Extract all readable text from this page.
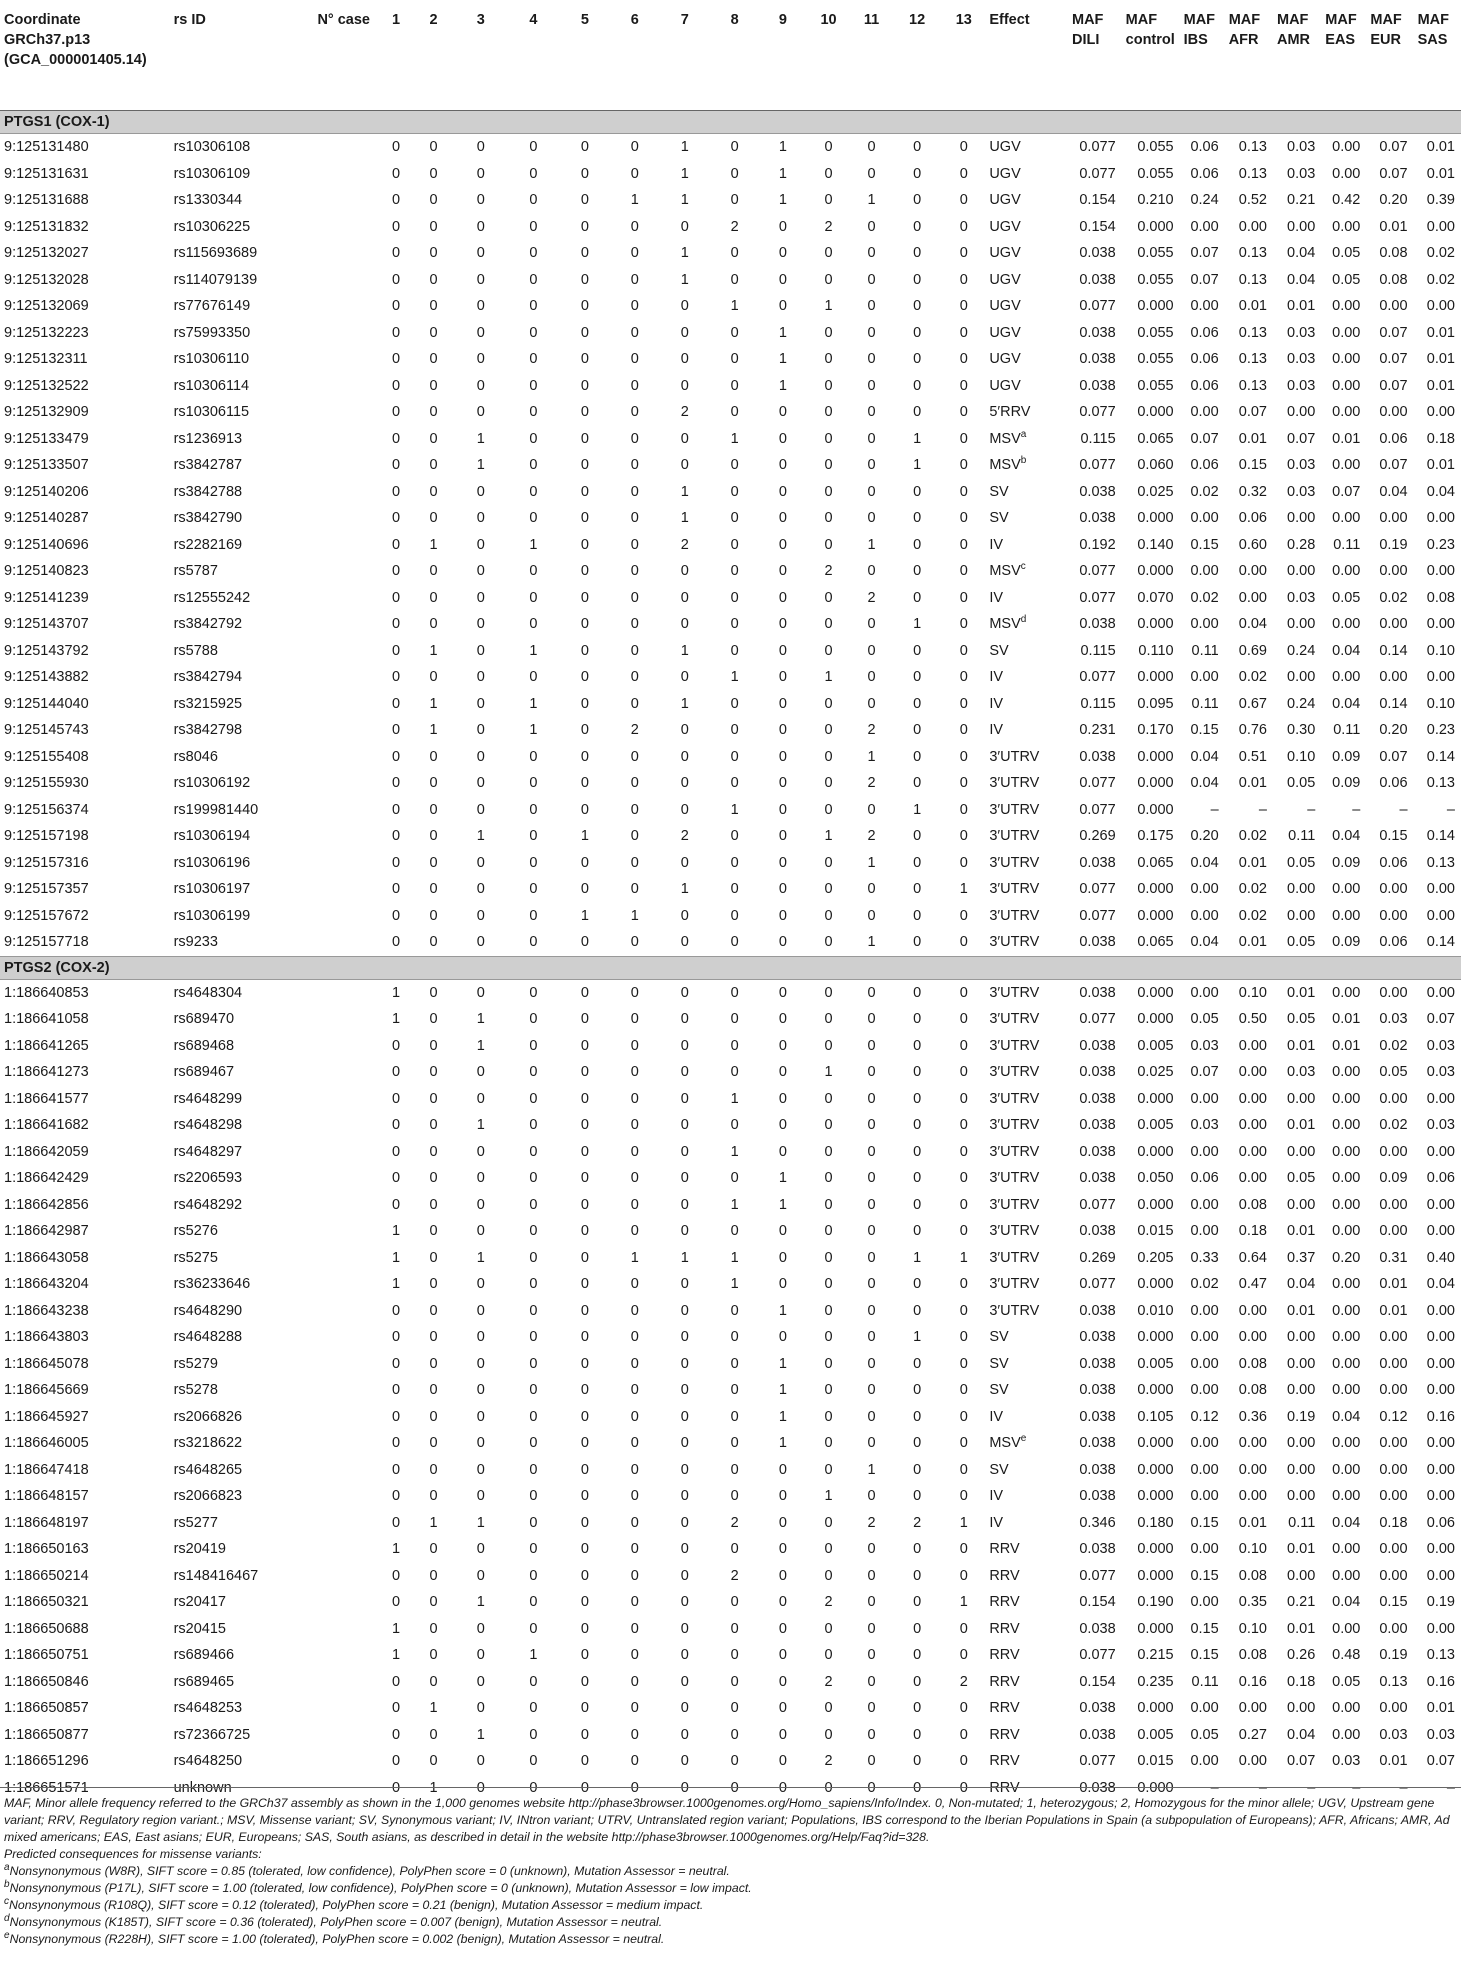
Coordinate GRCh37.p13 (GCA_000001405.14)	rs ID	N° case	1	2	3	4	5	6	7	8	9	10	11	12	13	Effect	MAF DILI	MAF control	MAF IBS	MAF AFR	MAF AMR	MAF EAS	MAF EUR	MAF SAS
PTGS1 (COX-1)																								
9:125131480	rs10306108		0	0	0	0	0	0	1	0	1	0	0	0	0	UGV	0.077	0.055	0.06	0.13	0.03	0.00	0.07	0.01
9:125131631	rs10306109		0	0	0	0	0	0	1	0	1	0	0	0	0	UGV	0.077	0.055	0.06	0.13	0.03	0.00	0.07	0.01
9:125131688	rs1330344		0	0	0	0	0	1	1	0	1	0	1	0	0	UGV	0.154	0.210	0.24	0.52	0.21	0.42	0.20	0.39
9:125131832	rs10306225		0	0	0	0	0	0	0	2	0	2	0	0	0	UGV	0.154	0.000	0.00	0.00	0.00	0.00	0.01	0.00
9:125132027	rs115693689		0	0	0	0	0	0	1	0	0	0	0	0	0	UGV	0.038	0.055	0.07	0.13	0.04	0.05	0.08	0.02
9:125132028	rs114079139		0	0	0	0	0	0	1	0	0	0	0	0	0	UGV	0.038	0.055	0.07	0.13	0.04	0.05	0.08	0.02
9:125132069	rs77676149		0	0	0	0	0	0	0	1	0	1	0	0	0	UGV	0.077	0.000	0.00	0.01	0.01	0.00	0.00	0.00
9:125132223	rs75993350		0	0	0	0	0	0	0	0	1	0	0	0	0	UGV	0.038	0.055	0.06	0.13	0.03	0.00	0.07	0.01
9:125132311	rs10306110		0	0	0	0	0	0	0	0	1	0	0	0	0	UGV	0.038	0.055	0.06	0.13	0.03	0.00	0.07	0.01
9:125132522	rs10306114		0	0	0	0	0	0	0	0	1	0	0	0	0	UGV	0.038	0.055	0.06	0.13	0.03	0.00	0.07	0.01
9:125132909	rs10306115		0	0	0	0	0	0	2	0	0	0	0	0	0	5′RRV	0.077	0.000	0.00	0.07	0.00	0.00	0.00	0.00
9:125133479	rs1236913		0	0	1	0	0	0	0	1	0	0	0	1	0	MSV$^a$	0.115	0.065	0.07	0.01	0.07	0.01	0.06	0.18
9:125133507	rs3842787		0	0	1	0	0	0	0	0	0	0	0	1	0	MSV$^b$	0.077	0.060	0.06	0.15	0.03	0.00	0.07	0.01
9:125140206	rs3842788		0	0	0	0	0	0	1	0	0	0	0	0	0	SV	0.038	0.025	0.02	0.32	0.03	0.07	0.04	0.04
9:125140287	rs3842790		0	0	0	0	0	0	1	0	0	0	0	0	0	SV	0.038	0.000	0.00	0.06	0.00	0.00	0.00	0.00
9:125140696	rs2282169		0	1	0	1	0	0	2	0	0	0	1	0	0	IV	0.192	0.140	0.15	0.60	0.28	0.11	0.19	0.23
9:125140823	rs5787		0	0	0	0	0	0	0	0	0	2	0	0	0	MSV$^c$	0.077	0.000	0.00	0.00	0.00	0.00	0.00	0.00
9:125141239	rs12555242		0	0	0	0	0	0	0	0	0	0	2	0	0	IV	0.077	0.070	0.02	0.00	0.03	0.05	0.02	0.08
9:125143707	rs3842792		0	0	0	0	0	0	0	0	0	0	0	1	0	MSV$^d$	0.038	0.000	0.00	0.04	0.00	0.00	0.00	0.00
9:125143792	rs5788		0	1	0	1	0	0	1	0	0	0	0	0	0	SV	0.115	0.110	0.11	0.69	0.24	0.04	0.14	0.10
9:125143882	rs3842794		0	0	0	0	0	0	0	1	0	1	0	0	0	IV	0.077	0.000	0.00	0.02	0.00	0.00	0.00	0.00
9:125144040	rs3215925		0	1	0	1	0	0	1	0	0	0	0	0	0	IV	0.115	0.095	0.11	0.67	0.24	0.04	0.14	0.10
9:125145743	rs3842798		0	1	0	1	0	2	0	0	0	0	2	0	0	IV	0.231	0.170	0.15	0.76	0.30	0.11	0.20	0.23
9:125155408	rs8046		0	0	0	0	0	0	0	0	0	0	1	0	0	3′UTRV	0.038	0.000	0.04	0.51	0.10	0.09	0.07	0.14
9:125155930	rs10306192		0	0	0	0	0	0	0	0	0	0	2	0	0	3′UTRV	0.077	0.000	0.04	0.01	0.05	0.09	0.06	0.13
9:125156374	rs199981440		0	0	0	0	0	0	0	1	0	0	0	1	0	3′UTRV	0.077	0.000	–	–	–	–	–	–
9:125157198	rs10306194		0	0	1	0	1	0	2	0	0	1	2	0	0	3′UTRV	0.269	0.175	0.20	0.02	0.11	0.04	0.15	0.14
9:125157316	rs10306196		0	0	0	0	0	0	0	0	0	0	1	0	0	3′UTRV	0.038	0.065	0.04	0.01	0.05	0.09	0.06	0.13
9:125157357	rs10306197		0	0	0	0	0	0	1	0	0	0	0	0	1	3′UTRV	0.077	0.000	0.00	0.02	0.00	0.00	0.00	0.00
9:125157672	rs10306199		0	0	0	0	1	1	0	0	0	0	0	0	0	3′UTRV	0.077	0.000	0.00	0.02	0.00	0.00	0.00	0.00
9:125157718	rs9233		0	0	0	0	0	0	0	0	0	0	1	0	0	3′UTRV	0.038	0.065	0.04	0.01	0.05	0.09	0.06	0.14
PTGS2 (COX-2)																								
1:186640853	rs4648304		1	0	0	0	0	0	0	0	0	0	0	0	0	3′UTRV	0.038	0.000	0.00	0.10	0.01	0.00	0.00	0.00
1:186641058	rs689470		1	0	1	0	0	0	0	0	0	0	0	0	0	3′UTRV	0.077	0.000	0.05	0.50	0.05	0.01	0.03	0.07
1:186641265	rs689468		0	0	1	0	0	0	0	0	0	0	0	0	0	3′UTRV	0.038	0.005	0.03	0.00	0.01	0.01	0.02	0.03
1:186641273	rs689467		0	0	0	0	0	0	0	0	0	1	0	0	0	3′UTRV	0.038	0.025	0.07	0.00	0.03	0.00	0.05	0.03
1:186641577	rs4648299		0	0	0	0	0	0	0	1	0	0	0	0	0	3′UTRV	0.038	0.000	0.00	0.00	0.00	0.00	0.00	0.00
1:186641682	rs4648298		0	0	1	0	0	0	0	0	0	0	0	0	0	3′UTRV	0.038	0.005	0.03	0.00	0.01	0.00	0.02	0.03
1:186642059	rs4648297		0	0	0	0	0	0	0	1	0	0	0	0	0	3′UTRV	0.038	0.000	0.00	0.00	0.00	0.00	0.00	0.00
1:186642429	rs2206593		0	0	0	0	0	0	0	0	1	0	0	0	0	3′UTRV	0.038	0.050	0.06	0.00	0.05	0.00	0.09	0.06
1:186642856	rs4648292		0	0	0	0	0	0	0	1	1	0	0	0	0	3′UTRV	0.077	0.000	0.00	0.08	0.00	0.00	0.00	0.00
1:186642987	rs5276		1	0	0	0	0	0	0	0	0	0	0	0	0	3′UTRV	0.038	0.015	0.00	0.18	0.01	0.00	0.00	0.00
1:186643058	rs5275		1	0	1	0	0	1	1	1	0	0	0	1	1	3′UTRV	0.269	0.205	0.33	0.64	0.37	0.20	0.31	0.40
1:186643204	rs36233646		1	0	0	0	0	0	0	1	0	0	0	0	0	3′UTRV	0.077	0.000	0.02	0.47	0.04	0.00	0.01	0.04
1:186643238	rs4648290		0	0	0	0	0	0	0	0	1	0	0	0	0	3′UTRV	0.038	0.010	0.00	0.00	0.01	0.00	0.01	0.00
1:186643803	rs4648288		0	0	0	0	0	0	0	0	0	0	0	1	0	SV	0.038	0.000	0.00	0.00	0.00	0.00	0.00	0.00
1:186645078	rs5279		0	0	0	0	0	0	0	0	1	0	0	0	0	SV	0.038	0.005	0.00	0.08	0.00	0.00	0.00	0.00
1:186645669	rs5278		0	0	0	0	0	0	0	0	1	0	0	0	0	SV	0.038	0.000	0.00	0.08	0.00	0.00	0.00	0.00
1:186645927	rs2066826		0	0	0	0	0	0	0	0	1	0	0	0	0	IV	0.038	0.105	0.12	0.36	0.19	0.04	0.12	0.16
1:186646005	rs3218622		0	0	0	0	0	0	0	0	1	0	0	0	0	MSV$^e$	0.038	0.000	0.00	0.00	0.00	0.00	0.00	0.00
1:186647418	rs4648265		0	0	0	0	0	0	0	0	0	0	1	0	0	SV	0.038	0.000	0.00	0.00	0.00	0.00	0.00	0.00
1:186648157	rs2066823		0	0	0	0	0	0	0	0	0	1	0	0	0	IV	0.038	0.000	0.00	0.00	0.00	0.00	0.00	0.00
1:186648197	rs5277		0	1	1	0	0	0	0	2	0	0	2	2	1	IV	0.346	0.180	0.15	0.01	0.11	0.04	0.18	0.06
1:186650163	rs20419		1	0	0	0	0	0	0	0	0	0	0	0	0	RRV	0.038	0.000	0.00	0.10	0.01	0.00	0.00	0.00
1:186650214	rs148416467		0	0	0	0	0	0	0	2	0	0	0	0	0	RRV	0.077	0.000	0.15	0.08	0.00	0.00	0.00	0.00
1:186650321	rs20417		0	0	1	0	0	0	0	0	0	2	0	0	1	RRV	0.154	0.190	0.00	0.35	0.21	0.04	0.15	0.19
1:186650688	rs20415		1	0	0	0	0	0	0	0	0	0	0	0	0	RRV	0.038	0.000	0.15	0.10	0.01	0.00	0.00	0.00
1:186650751	rs689466		1	0	0	1	0	0	0	0	0	0	0	0	0	RRV	0.077	0.215	0.15	0.08	0.26	0.48	0.19	0.13
1:186650846	rs689465		0	0	0	0	0	0	0	0	0	2	0	0	2	RRV	0.154	0.235	0.11	0.16	0.18	0.05	0.13	0.16
1:186650857	rs4648253		0	1	0	0	0	0	0	0	0	0	0	0	0	RRV	0.038	0.000	0.00	0.00	0.00	0.00	0.00	0.01
1:186650877	rs72366725		0	0	1	0	0	0	0	0	0	0	0	0	0	RRV	0.038	0.005	0.05	0.27	0.04	0.00	0.03	0.03
1:186651296	rs4648250		0	0	0	0	0	0	0	0	0	2	0	0	0	RRV	0.077	0.015	0.00	0.00	0.07	0.03	0.01	0.07
1:186651571	unknown		0	1	0	0	0	0	0	0	0	0	0	0	0	RRV	0.038	0.000	–	–	–	–	–	–

MAF, Minor allele frequency referred to the GRCh37 assembly as shown in the 1,000 genomes website http://phase3browser.1000genomes.org/Homo_sapiens/Info/Index. 0, Non-mutated; 1, heterozygous; 2, Homozygous for the minor allele; UGV, Upstream gene variant; RRV, Regulatory region variant.; MSV, Missense variant; SV, Synonymous variant; IV, INtron variant; UTRV, Untranslated region variant; Populations, IBS correspond to the Iberian Populations in Spain (a subpopulation of Europeans); AFR, Africans; AMR, Ad mixed americans; EAS, East asians; EUR, Europeans; SAS, South asians, as described in detail in the website http://phase3browser.1000genomes.org/Help/Faq?id=328.

Predicted consequences for missense variants:

$^a$Nonsynonymous (W8R), SIFT score = 0.85 (tolerated, low confidence), PolyPhen score = 0 (unknown), Mutation Assessor = neutral.

$^b$Nonsynonymous (P17L), SIFT score = 1.00 (tolerated, low confidence), PolyPhen score = 0 (unknown), Mutation Assessor = low impact.

$^c$Nonsynonymous (R108Q), SIFT score = 0.12 (tolerated), PolyPhen score = 0.21 (benign), Mutation Assessor = medium impact.

$^d$Nonsynonymous (K185T), SIFT score = 0.36 (tolerated), PolyPhen score = 0.007 (benign), Mutation Assessor = neutral.

$^e$Nonsynonymous (R228H), SIFT score = 1.00 (tolerated), PolyPhen score = 0.002 (benign), Mutation Assessor = neutral.
